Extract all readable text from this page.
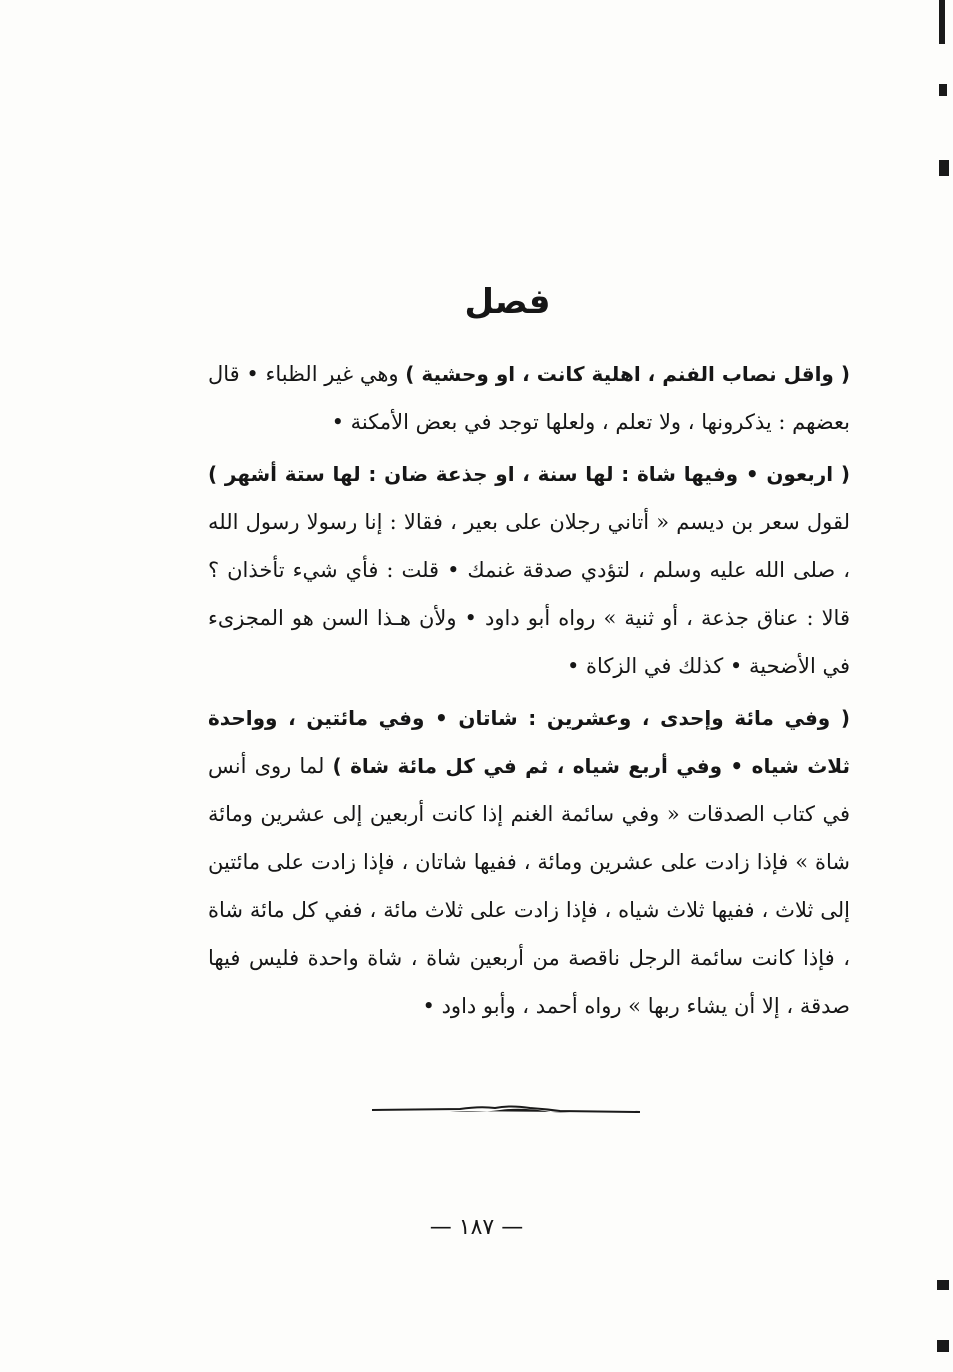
فصل

( واقل نصاب الفنم ، اهلية كانت ، او وحشية ) وهي غير الظباء • قال بعضهم : يذكرونها ، ولا تعلم ، ولعلها توجد في بعض الأمكنة •

( اربعون • وفيها شاة : لها سنة ، او جذعة ضان : لها ستة أشهر ) لقول سعر بن ديسم « أتاني رجلان على بعير ، فقالا : إنا رسولا رسول الله ، صلى الله عليه وسلم ، لتؤدي صدقة غنمك • قلت : فأي شيء تأخذان ؟ قالا : عناق جذعة ، أو ثنية » رواه أبو داود • ولأن هـذا السن هو المجزىء في الأضحية • كذلك في الزكاة •

( وفي مائة وإحدى ، وعشرين : شاتان • وفي مائتين ، وواحدة ثلاث شياه • وفي أربع شياه ، ثم في كل مائة شاة ) لما روى أنس في كتاب الصدقات « وفي سائمة الغنم إذا كانت أربعين إلى عشرين ومائة شاة » فإذا زادت على عشرين ومائة ، ففيها شاتان ، فإذا زادت على مائتين إلى ثلاث ، ففيها ثلاث شياه ، فإذا زادت على ثلاث مائة ، ففي كل مائة شاة ، فإذا كانت سائمة الرجل ناقصة من أربعين شاة ، شاة واحدة فليس فيها صدقة ، إلا أن يشاء ربها » رواه أحمد ، وأبو داود •

— ١٨٧ —
